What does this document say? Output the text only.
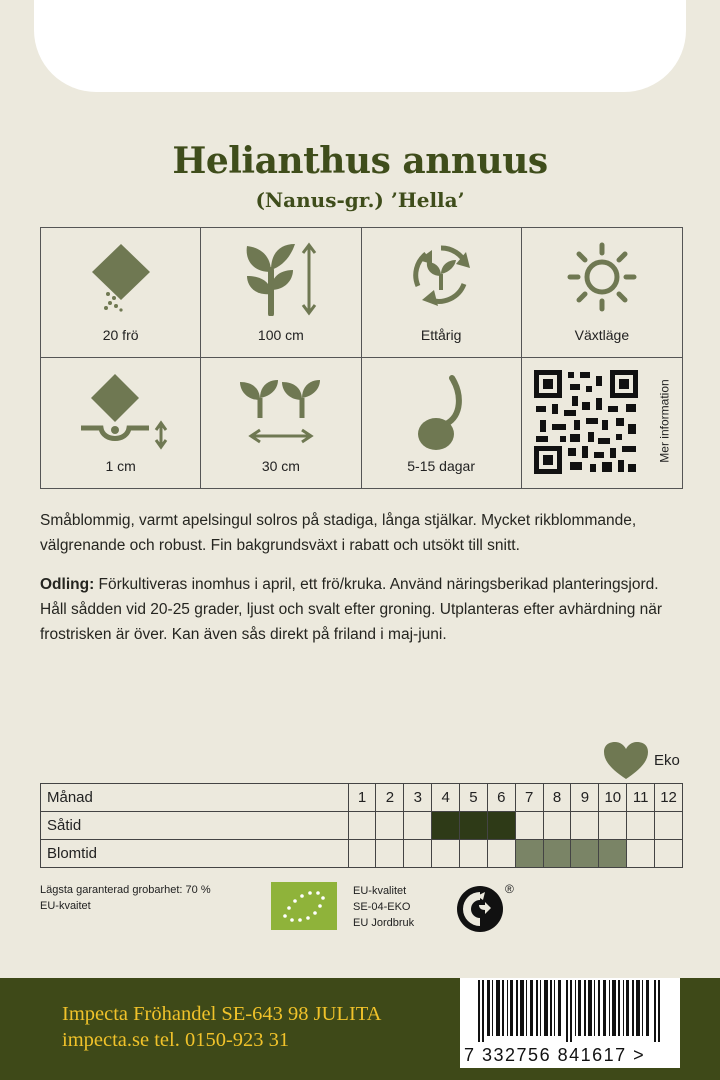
Helianthus annuus
(Nanus-gr.) ’Hella’
20 frö	100 cm	Ettårig	Växtläge
1 cm	30 cm	5-15 dagar
Mer information

Småblommig, varmt apelsingul solros på stadiga, långa stjälkar. Mycket rikblommande, välgrenande och robust. Fin bakgrundsväxt i rabatt och utsökt till snitt.

Odling: Förkultiveras inomhus i april, ett frö/kruka. Använd näringsberikad planteringsjord. Håll sådden vid 20-25 grader, ljust och svalt efter groning. Utplanteras efter avhärdning när frostrisken är över. Kan även sås direkt på friland i maj-juni.

Eko
Månad	1	2	3	4	5	6	7	8	9	10	11	12
Såtid												
Blomtid												
Lägsta garanterad grobarhet: 70 %
EU-kvaitet
EU-kvalitet
SE-04-EKO
EU Jordbruk
®
Impecta Fröhandel SE-643 98 JULITA
impecta.se tel. 0150-923 31
7 332756 841617 >
